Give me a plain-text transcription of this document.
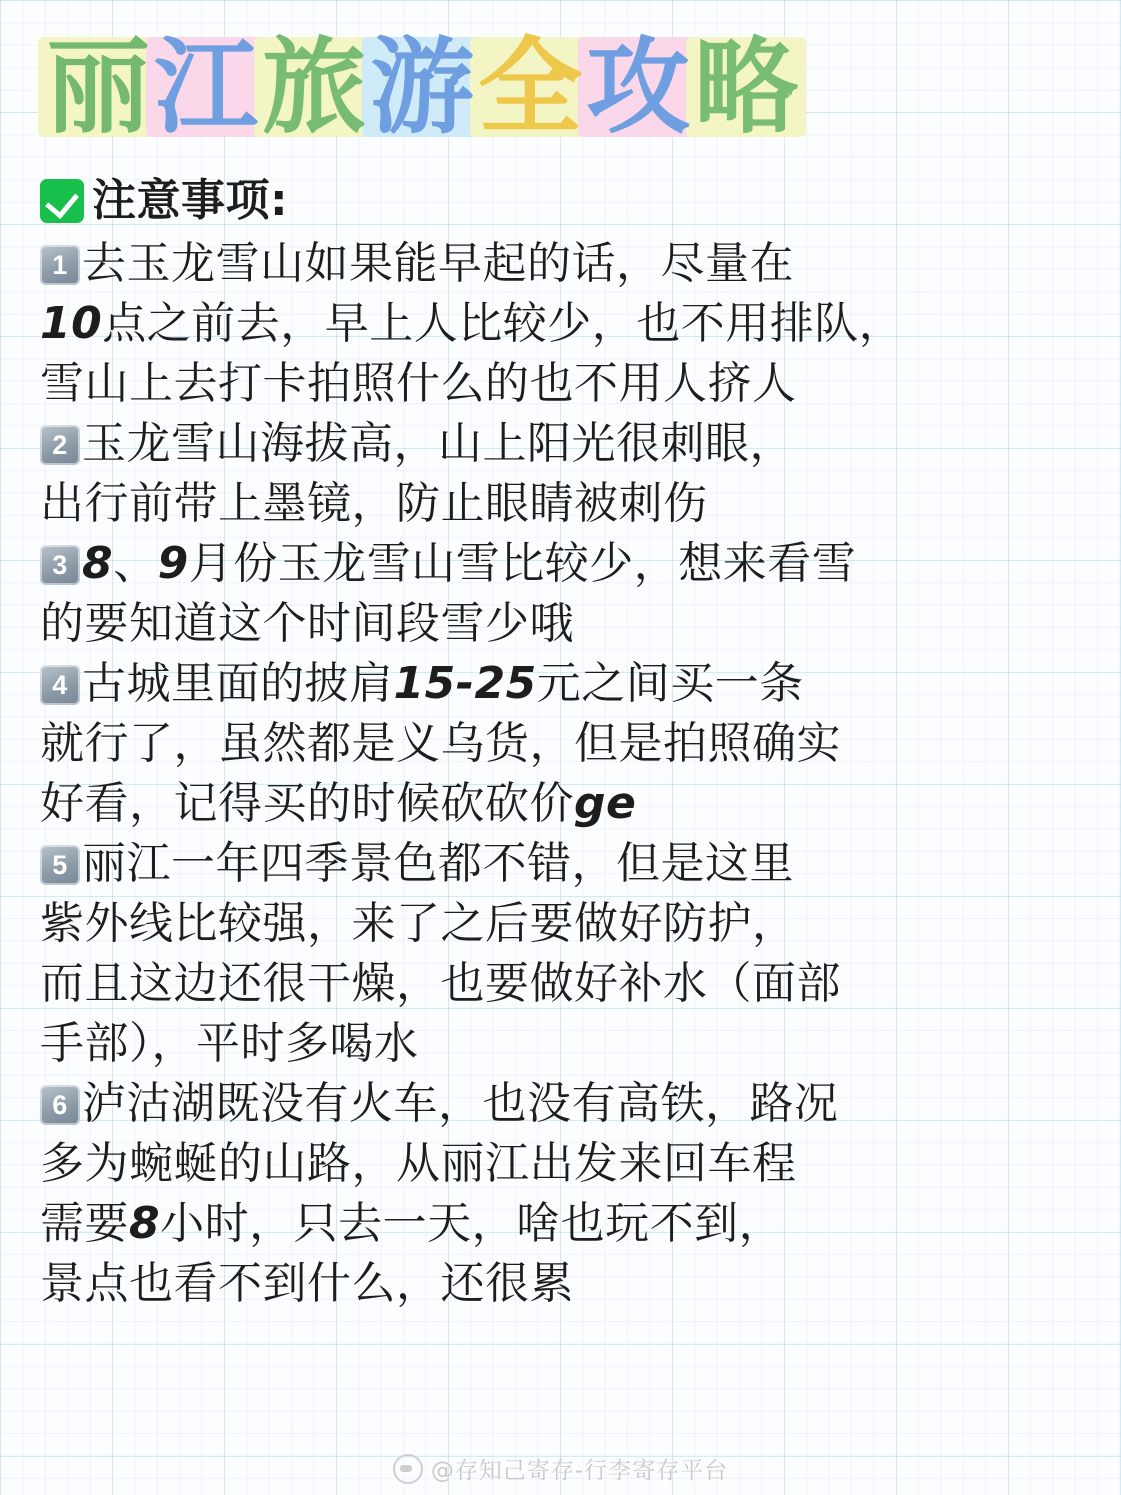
丽 江 旅 游 全 攻 略
注意事项:
1 去玉龙雪山如果能早起的话，尽量在
10点之前去，早上人比较少，也不用排队，
雪山上去打卡拍照什么的也不用人挤人
2 玉龙雪山海拔高，山上阳光很刺眼，
出行前带上墨镜，防止眼睛被刺伤
3 8、9月份玉龙雪山雪比较少，想来看雪
的要知道这个时间段雪少哦
4 古城里面的披肩15-25元之间买一条
就行了，虽然都是义乌货，但是拍照确实
好看，记得买的时候砍砍价ge
5 丽江一年四季景色都不错，但是这里
紫外线比较强，来了之后要做好防护，
而且这边还很干燥，也要做好补水（面部
手部），平时多喝水
6 泸沽湖既没有火车，也没有高铁，路况
多为蜿蜒的山路，从丽江出发来回车程
需要8小时，只去一天，啥也玩不到，
景点也看不到什么，还很累
@存知己寄存-行李寄存平台
